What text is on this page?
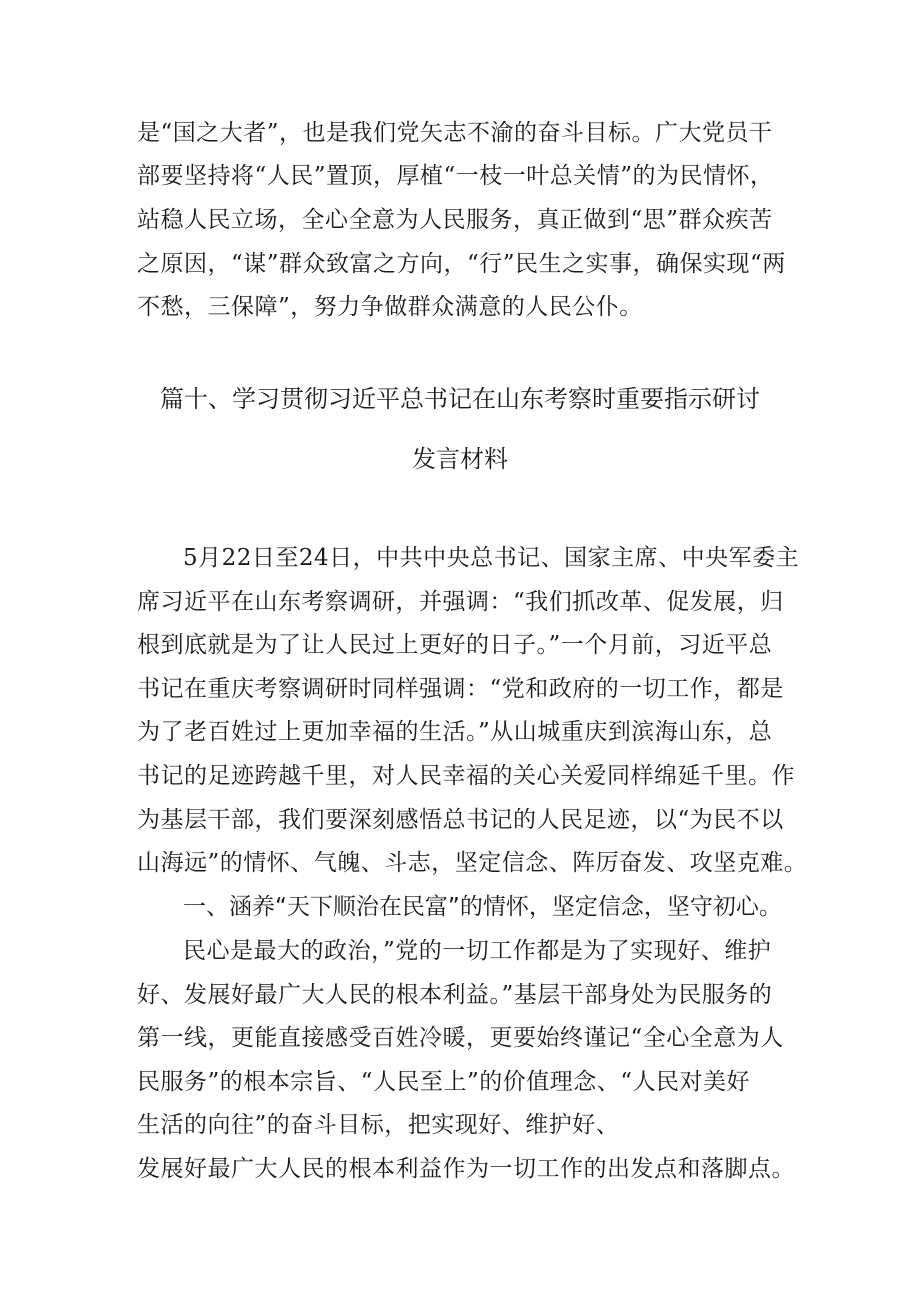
是“国之大者”，也是我们党矢志不渝的奋斗目标。广大党员干
部要坚持将“人民”置顶，厚植“一枝一叶总关情”的为民情怀，
站稳人民立场，全心全意为人民服务，真正做到“思”群众疾苦
之原因，“谋”群众致富之方向，“行”民生之实事，确保实现“两
不愁，三保障”，努力争做群众满意的人民公仆。
篇十、学习贯彻习近平总书记在山东考察时重要指示研讨
发言材料
5月22日至24日，中共中央总书记、国家主席、中央军委主
席习近平在山东考察调研，并强调：“我们抓改革、促发展，归
根到底就是为了让人民过上更好的日子。”一个月前，习近平总
书记在重庆考察调研时同样强调：“党和政府的一切工作，都是
为了老百姓过上更加幸福的生活。”从山城重庆到滨海山东，总
书记的足迹跨越千里，对人民幸福的关心关爱同样绵延千里。作
为基层干部，我们要深刻感悟总书记的人民足迹，以“为民不以
山海远”的情怀、气魄、斗志，坚定信念、阵厉奋发、攻坚克难。
一、涵养“天下顺治在民富”的情怀，坚定信念，坚守初心。
民心是最大的政治，”党的一切工作都是为了实现好、维护
好、发展好最广大人民的根本利益。”基层干部身处为民服务的
第一线，更能直接感受百姓冷暖，更要始终谨记“全心全意为人
民服务”的根本宗旨、“人民至上”的价值理念、“人民对美好
生活的向往”的奋斗目标，把实现好、维护好、
发展好最广大人民的根本利益作为一切工作的出发点和落脚点。
